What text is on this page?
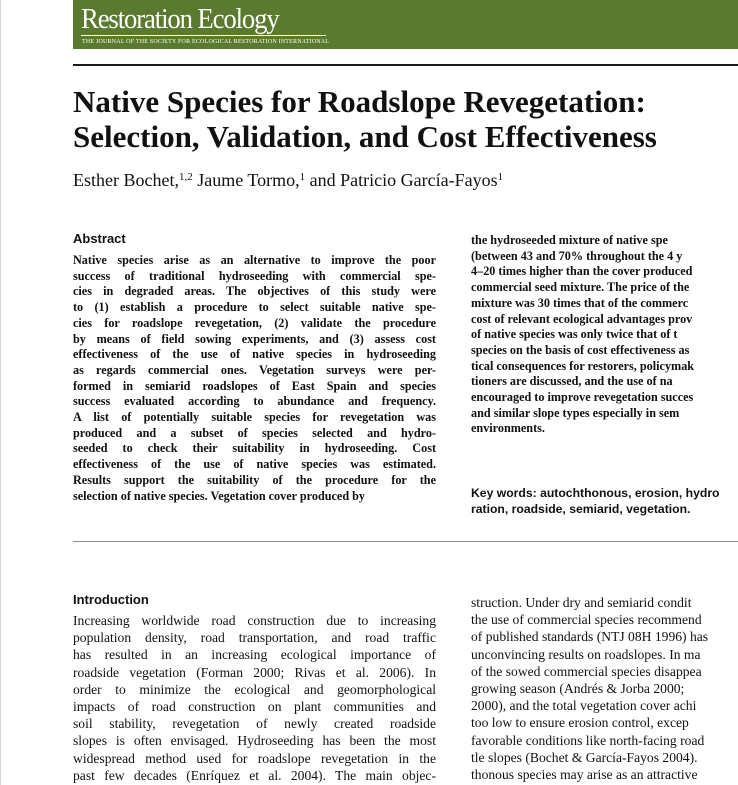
Restoration Ecology
THE JOURNAL OF THE SOCIETY FOR ECOLOGICAL RESTORATION INTERNATIONAL
Native Species for Roadslope Revegetation:
Selection, Validation, and Cost Effectiveness
Esther Bochet,$^{1,2}$ Jaume Tormo,$^1$ and Patricio García-Fayos$^1$
Abstract
Native species arise as an alternative to improve the poor
success of traditional hydroseeding with commercial spe-
cies in degraded areas. The objectives of this study were
to (1) establish a procedure to select suitable native spe-
cies for roadslope revegetation, (2) validate the procedure
by means of field sowing experiments, and (3) assess cost
effectiveness of the use of native species in hydroseeding
as regards commercial ones. Vegetation surveys were per-
formed in semiarid roadslopes of East Spain and species
success evaluated according to abundance and frequency.
A list of potentially suitable species for revegetation was
produced and a subset of species selected and hydro-
seeded to check their suitability in hydroseeding. Cost
effectiveness of the use of native species was estimated.
Results support the suitability of the procedure for the
selection of native species. Vegetation cover produced by
the hydroseeded mixture of native spe
(between 43 and 70% throughout the 4 y
4–20 times higher than the cover produced
commercial seed mixture. The price of the
mixture was 30 times that of the commerc
cost of relevant ecological advantages prov
of native species was only twice that of t
species on the basis of cost effectiveness as
tical consequences for restorers, policymak
tioners are discussed, and the use of na
encouraged to improve revegetation succes
and similar slope types especially in sem
environments.
Key words: autochthonous, erosion, hydro
ration, roadside, semiarid, vegetation.
Introduction
Increasing worldwide road construction due to increasing
population density, road transportation, and road traffic
has resulted in an increasing ecological importance of
roadside vegetation (Forman 2000; Rivas et al. 2006). In
order to minimize the ecological and geomorphological
impacts of road construction on plant communities and
soil stability, revegetation of newly created roadside
slopes is often envisaged. Hydroseeding has been the most
widespread method used for roadslope revegetation in the
past few decades (Enríquez et al. 2004). The main objec-
struction. Under dry and semiarid condit
the use of commercial species recommend
of published standards (NTJ 08H 1996) has
unconvincing results on roadslopes. In ma
of the sowed commercial species disappea
growing season (Andrés & Jorba 2000;
2000), and the total vegetation cover achi
too low to ensure erosion control, excep
favorable conditions like north-facing road
tle slopes (Bochet & García-Fayos 2004).
thonous species may arise as an attractive
